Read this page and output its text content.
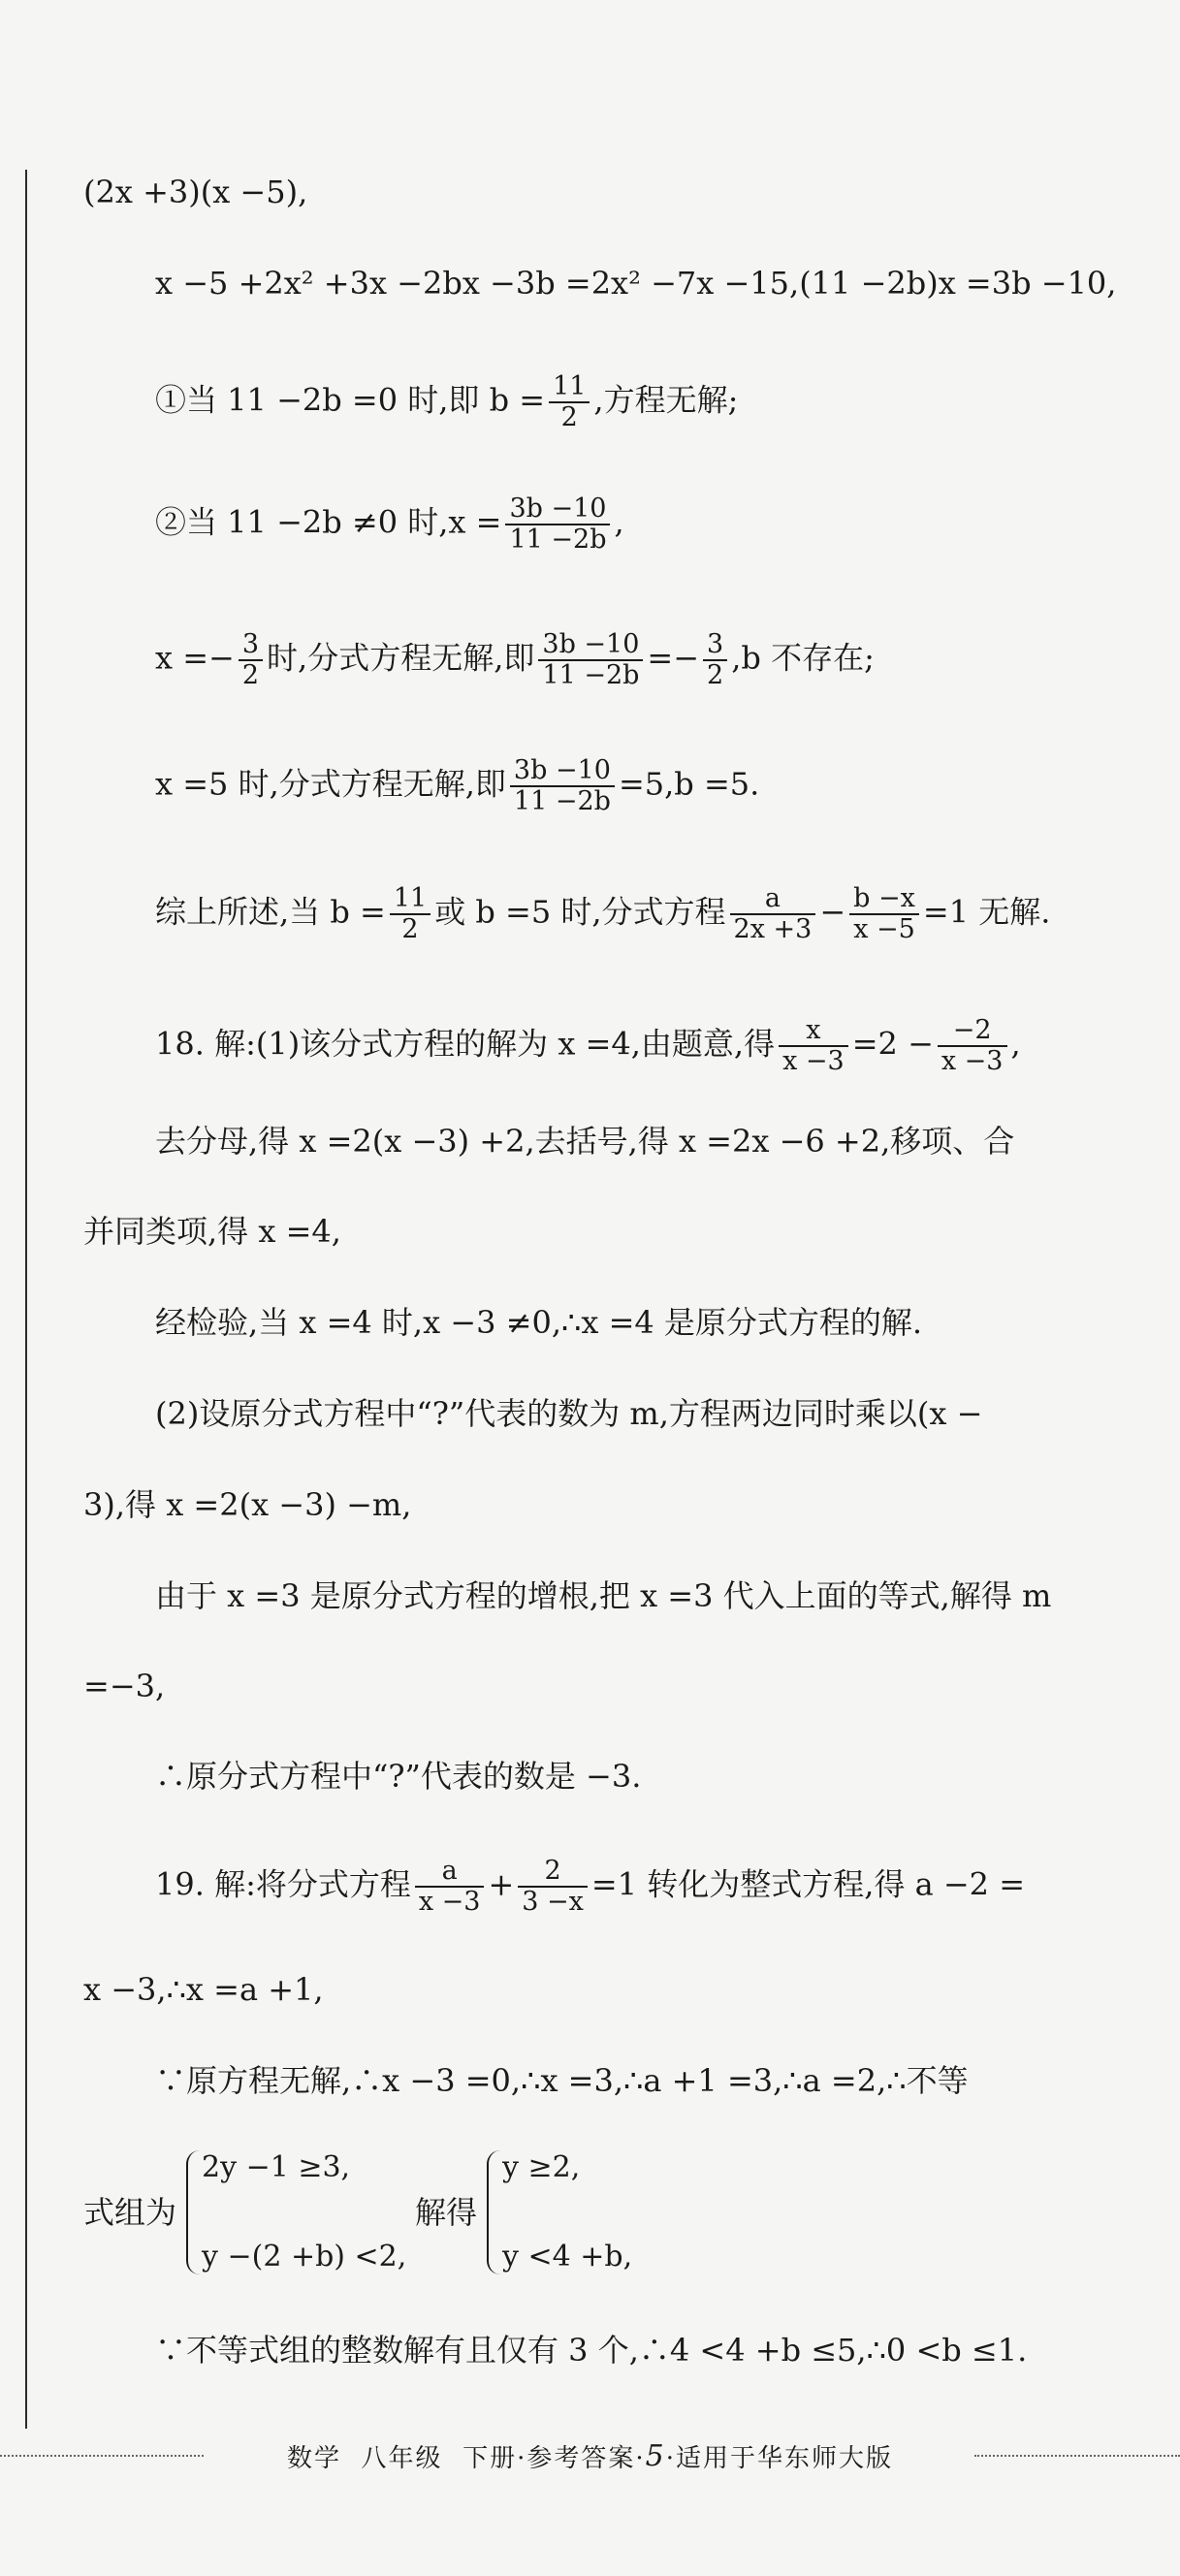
(2x +3)(x −5),
x −5 +2x² +3x −2bx −3b =2x² −7x −15,(11 −2b)x =3b −10,
①当 11 −2b =0 时,即 $b = \frac{11}{2}$ ,方程无解;
②当 11 −2b ≠0 时$,x = \frac{3b -10}{11 -2b}$ ,
$x =- \frac{3}{2}$ 时,分式方程无解,即 $\frac{3b -10}{11 -2b} =- \frac{3}{2} ,b$ 不存在;
x =5 时,分式方程无解,即 $\frac{3b -10}{11 -2b} =5,b =5$.
综上所述,当 $b = \frac{11}{2}$ 或 b =5 时,分式方程 $\frac{a}{2x +3} - \frac{b -x}{x -5} =1$ 无解.
18. 解:(1)该分式方程的解为 x =4,由题意,得 $\frac{x}{x -3} =2 - \frac{-2}{x -3}$ ,
去分母,得 x =2(x −3) +2,去括号,得 x =2x −6 +2,移项、合
并同类项,得 x =4,
经检验,当 x =4 时,x −3 ≠0,∴x =4 是原分式方程的解.
(2)设原分式方程中“?”代表的数为 m,方程两边同时乘以(x −
3),得 x =2(x −3) −m,
由于 x =3 是原分式方程的增根,把 x =3 代入上面的等式,解得 m
=−3,
∴原分式方程中“?”代表的数是 −3.
19. 解:将分式方程 $\frac{a}{x -3} + \frac{2}{3 -x} =1$ 转化为整式方程,得 a −2 =
x −3,∴x =a +1,
∵原方程无解,∴x −3 =0,∴x =3,∴a +1 =3,∴a =2,∴不等
式组为
2y −1 ≥3,
y −(2 +b) <2,
解得
y ≥2,
y <4 +b,
∵不等式组的整数解有且仅有 3 个,∴4 <4 +b ≤5,∴0 <b ≤1.
数学
八年级
下册·参考答案· 5 ·适用于华东师大版
